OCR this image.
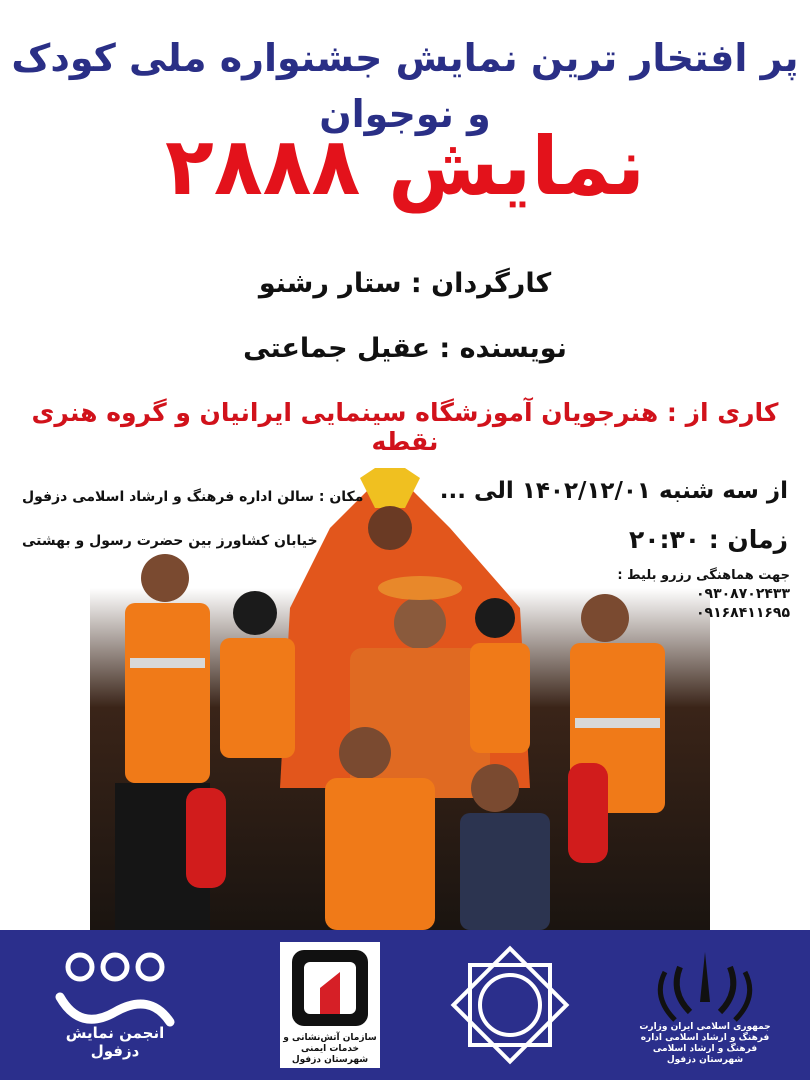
پر افتخار ترین نمایش جشنواره ملی کودک و نوجوان
نمایش ۲۸۸۸
کارگردان : ستار رشنو
نویسنده : عقیل جماعتی
کاری از : هنرجویان آموزشگاه سینمایی ایرانیان و گروه هنری نقطه
از سه شنبه ۱۴۰۲/۱۲/۰۱ الی ...
زمان : ۲۰:۳۰
جهت هماهنگی رزرو بلیط :
۰۹۳۰۸۷۰۲۴۳۳
۰۹۱۶۸۴۱۱۶۹۵
مکان : سالن اداره فرهنگ و ارشاد اسلامی دزفول
خیابان کشاورز بین حضرت رسول و بهشتی
انجمن نمایش دزفول
سازمان آتش‌نشانی و خدمات ایمنی شهرستان دزفول
جمهوری اسلامی ایران وزارت فرهنگ و ارشاد اسلامی اداره فرهنگ و ارشاد اسلامی شهرستان دزفول
